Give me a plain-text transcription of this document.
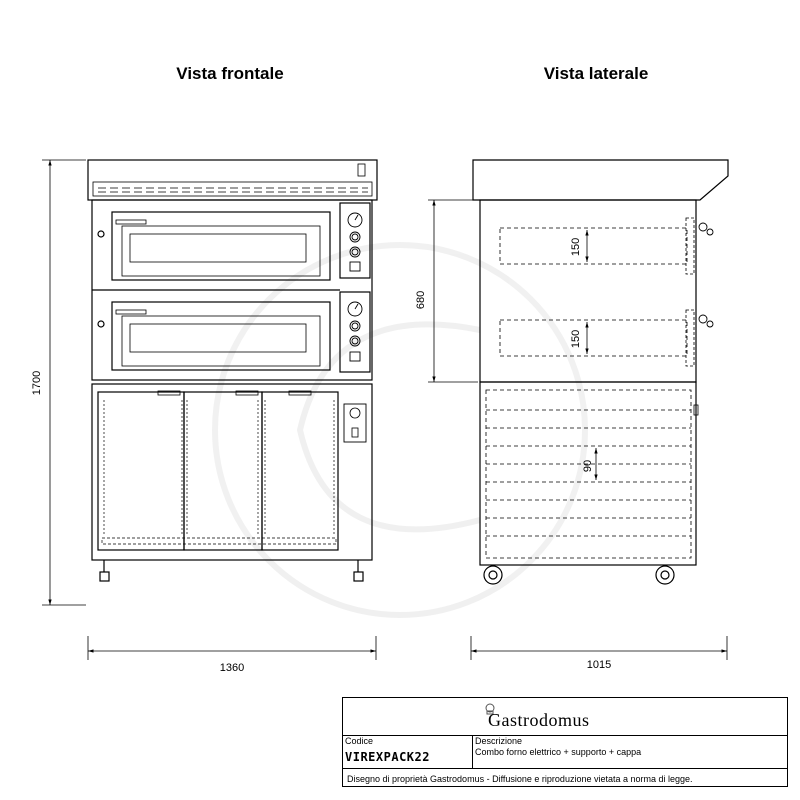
Vista frontale	Vista laterale
1700
1360	1015
680
150
150
90
Gastrodomus
Codice
VIREXPACK22
Descrizione
Combo forno elettrico + supporto + cappa
Disegno di proprietà Gastrodomus - Diffusione e riproduzione vietata a norma di legge.
